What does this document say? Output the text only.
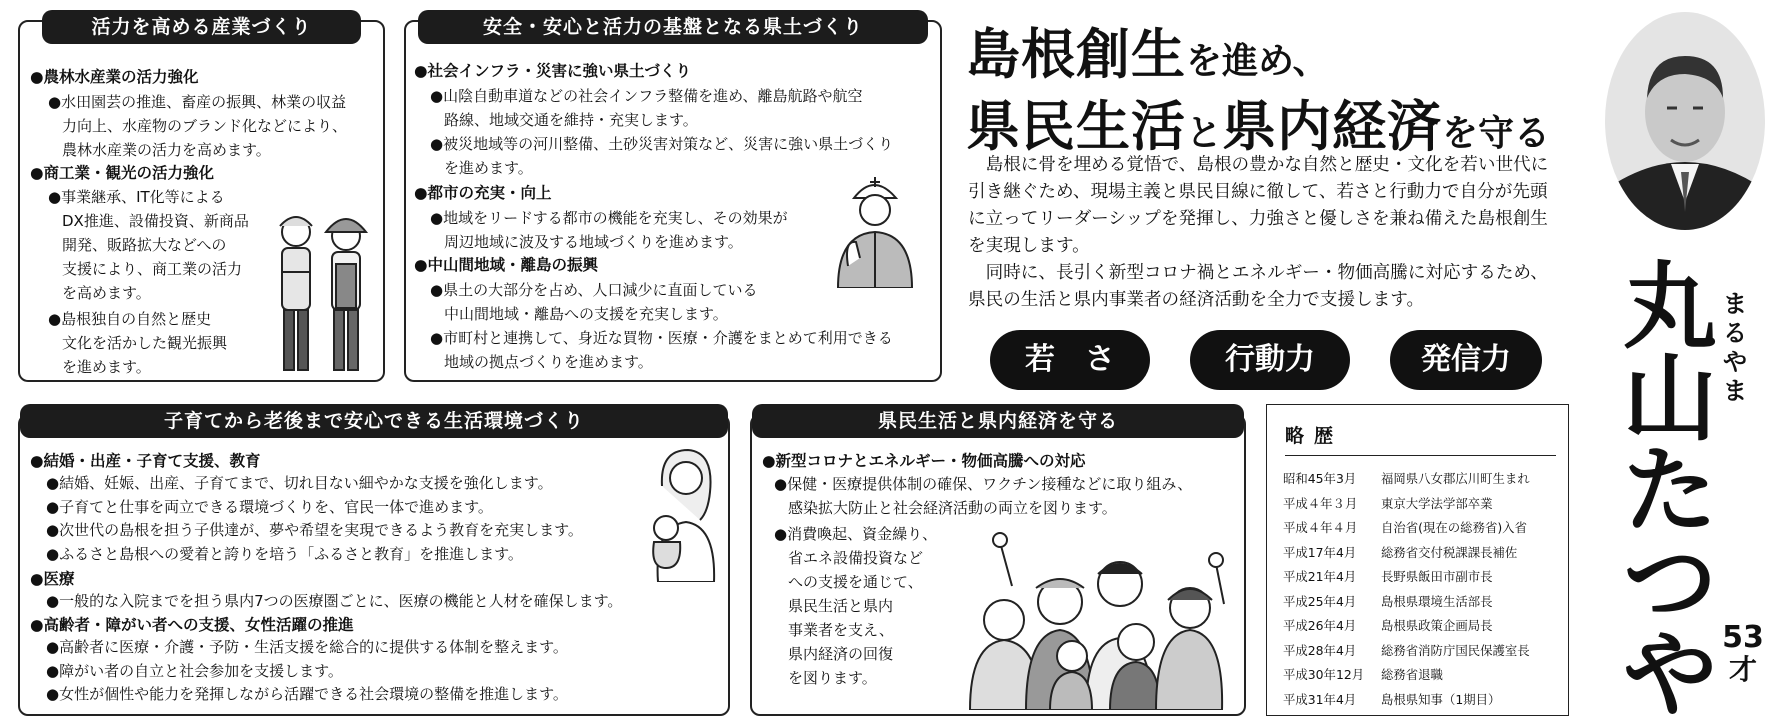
活力を高める産業づくり
●農林水産業の活力強化
●水田園芸の推進、畜産の振興、林業の収益
力向上、水産物のブランド化などにより、
農林水産業の活力を高めます。
●商工業・観光の活力強化
●事業継承、IT化等による
DX推進、設備投資、新商品
開発、販路拡大などへの
支援により、商工業の活力
を高めます。
●島根独自の自然と歴史
文化を活かした観光振興
を進めます。
安全・安心と活力の基盤となる県土づくり
●社会インフラ・災害に強い県土づくり
●山陰自動車道などの社会インフラ整備を進め、離島航路や航空
路線、地域交通を維持・充実します。
●被災地域等の河川整備、土砂災害対策など、災害に強い県土づくり
を進めます。
●都市の充実・向上
●地域をリードする都市の機能を充実し、その効果が
周辺地域に波及する地域づくりを進めます。
●中山間地域・離島の振興
●県土の大部分を占め、人口減少に直面している
中山間地域・離島への支援を充実します。
●市町村と連携して、身近な買物・医療・介護をまとめて利用できる
地域の拠点づくりを進めます。
島根創生を進め、
県民生活と県内経済を守る

島根に骨を埋める覚悟で、島根の豊かな自然と歴史・文化を若い世代に引き継ぐため、現場主義と県民目線に徹して、若さと行動力で自分が先頭に立ってリーダーシップを発揮し、力強さと優しさを兼ね備えた島根創生を実現します。

同時に、長引く新型コロナ禍とエネルギー・物価高騰に対応するため、県民の生活と県内事業者の経済活動を全力で支援します。

若　さ	行動力	発信力	丸
山
た
つ
や
ま
る
や
ま
53
才
子育てから老後まで安心できる生活環境づくり
●結婚・出産・子育て支援、教育
●結婚、妊娠、出産、子育てまで、切れ目ない細やかな支援を強化します。
●子育てと仕事を両立できる環境づくりを、官民一体で進めます。
●次世代の島根を担う子供達が、夢や希望を実現できるよう教育を充実します。
●ふるさと島根への愛着と誇りを培う「ふるさと教育」を推進します。
●医療
●一般的な入院までを担う県内7つの医療圏ごとに、医療の機能と人材を確保します。
●高齢者・障がい者への支援、女性活躍の推進
●高齢者に医療・介護・予防・生活支援を総合的に提供する体制を整えます。
●障がい者の自立と社会参加を支援します。
●女性が個性や能力を発揮しながら活躍できる社会環境の整備を推進します。
県民生活と県内経済を守る
●新型コロナとエネルギー・物価高騰への対応
●保健・医療提供体制の確保、ワクチン接種などに取り組み、
感染拡大防止と社会経済活動の両立を図ります。
●消費喚起、資金繰り、
省エネ設備投資など
への支援を通じて、
県民生活と県内
事業者を支え、
県内経済の回復
を図ります。
略歴
昭和45年3月 福岡県八女郡広川町生まれ
平成４年３月 東京大学法学部卒業
平成４年４月 自治省(現在の総務省)入省
平成17年4月 総務省交付税課課長補佐
平成21年4月 長野県飯田市副市長
平成25年4月 島根県環境生活部長
平成26年4月 島根県政策企画局長
平成28年4月 総務省消防庁国民保護室長
平成30年12月 総務省退職
平成31年4月 島根県知事（1期目）
